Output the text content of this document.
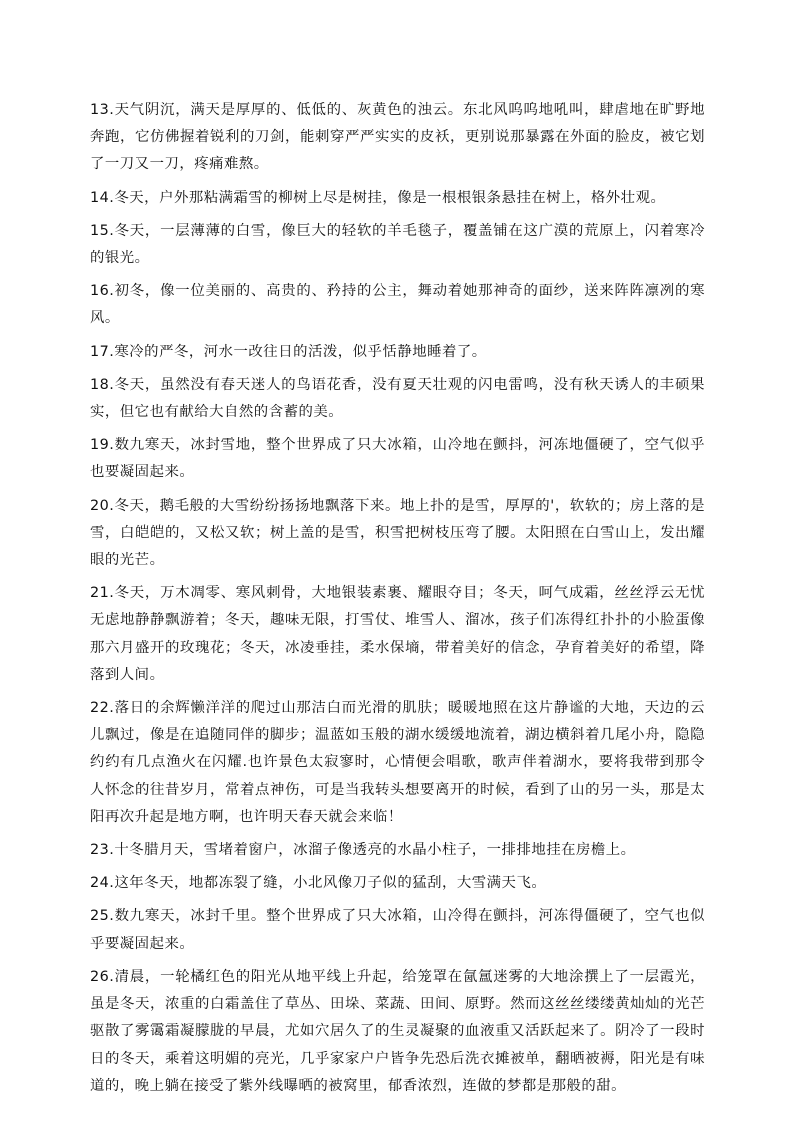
13.天气阴沉，满天是厚厚的、低低的、灰黄色的浊云。东北风呜呜地吼叫，肆虐地在旷野地奔跑，它仿佛握着锐利的刀剑，能刺穿严严实实的皮袄，更别说那暴露在外面的脸皮，被它划了一刀又一刀，疼痛难熬。

14.冬天，户外那粘满霜雪的柳树上尽是树挂，像是一根根银条悬挂在树上，格外壮观。

15.冬天，一层薄薄的白雪，像巨大的轻软的羊毛毯子，覆盖铺在这广漠的荒原上，闪着寒冷的银光。

16.初冬，像一位美丽的、高贵的、矜持的公主，舞动着她那神奇的面纱，送来阵阵凛冽的寒风。

17.寒冷的严冬，河水一改往日的活泼，似乎恬静地睡着了。

18.冬天，虽然没有春天迷人的鸟语花香，没有夏天壮观的闪电雷鸣，没有秋天诱人的丰硕果实，但它也有献给大自然的含蓄的美。

19.数九寒天，冰封雪地，整个世界成了只大冰箱，山冷地在颤抖，河冻地僵硬了，空气似乎也要凝固起来。

20.冬天，鹅毛般的大雪纷纷扬扬地飘落下来。地上扑的是雪，厚厚的'，软软的；房上落的是雪，白皑皑的，又松又软；树上盖的是雪，积雪把树枝压弯了腰。太阳照在白雪山上，发出耀眼的光芒。

21.冬天，万木凋零、寒风刺骨，大地银装素裹、耀眼夺目；冬天，呵气成霜，丝丝浮云无忧无虑地静静飘游着；冬天，趣味无限，打雪仗、堆雪人、溜冰，孩子们冻得红扑扑的小脸蛋像那六月盛开的玫瑰花；冬天，冰凌垂挂，柔水保墒，带着美好的信念，孕育着美好的希望，降落到人间。

22.落日的余辉懒洋洋的爬过山那洁白而光滑的肌肤；暖暖地照在这片静谧的大地，天边的云儿飘过，像是在追随同伴的脚步；温蓝如玉般的湖水缓缓地流着，湖边横斜着几尾小舟，隐隐约约有几点渔火在闪耀.也许景色太寂寥时，心情便会唱歌，歌声伴着湖水，要将我带到那令人怀念的往昔岁月，常着点神伤，可是当我转头想要离开的时候，看到了山的另一头，那是太阳再次升起是地方啊，也许明天春天就会来临！

23.十冬腊月天，雪堵着窗户，冰溜子像透亮的水晶小柱子，一排排地挂在房檐上。

24.这年冬天，地都冻裂了缝，小北风像刀子似的猛刮，大雪满天飞。

25.数九寒天，冰封千里。整个世界成了只大冰箱，山冷得在颤抖，河冻得僵硬了，空气也似乎要凝固起来。

26.清晨，一轮橘红色的阳光从地平线上升起，给笼罩在氤氲迷雾的大地涂撰上了一层霞光，虽是冬天，浓重的白霜盖住了草丛、田垛、菜蔬、田间、原野。然而这丝丝缕缕黄灿灿的光芒驱散了雾霭霜凝朦胧的早晨，尤如穴居久了的生灵凝聚的血液重又活跃起来了。阴冷了一段时日的冬天，乘着这明媚的亮光，几乎家家户户皆争先恐后洗衣摊被单，翻晒被褥，阳光是有味道的，晚上躺在接受了紫外线曝晒的被窝里，郁香浓烈，连做的梦都是那般的甜。
